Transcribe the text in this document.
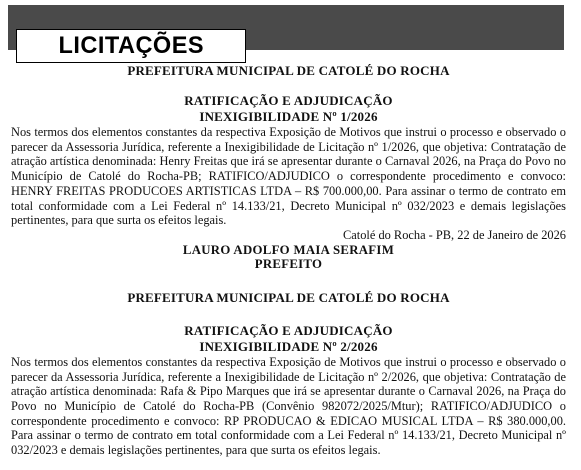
LICITAÇÕES

PREFEITURA MUNICIPAL DE CATOLÉ DO ROCHA

RATIFICAÇÃO E ADJUDICAÇÃO

INEXIGIBILIDADE Nº 1/2026

Nos termos dos elementos constantes da respectiva Exposição de Motivos que instrui o processo e observado o parecer da Assessoria Jurídica, referente a Inexigibilidade de Licitação nº 1/2026, que objetiva: Contratação de atração artística denominada: Henry Freitas que irá se apresentar durante o Carnaval 2026, na Praça do Povo no Município de Catolé do Rocha-PB; RATIFICO/ADJUDICO o correspondente procedimento e convoco: HENRY FREITAS PRODUCOES ARTISTICAS LTDA – R$ 700.000,00. Para assinar o termo de contrato em total conformidade com a Lei Federal nº 14.133/21, Decreto Municipal nº 032/2023 e demais legislações pertinentes, para que surta os efeitos legais.

Catolé do Rocha - PB, 22 de Janeiro de 2026

LAURO ADOLFO MAIA SERAFIM

PREFEITO

PREFEITURA MUNICIPAL DE CATOLÉ DO ROCHA

RATIFICAÇÃO E ADJUDICAÇÃO

INEXIGIBILIDADE Nº 2/2026

Nos termos dos elementos constantes da respectiva Exposição de Motivos que instrui o processo e observado o parecer da Assessoria Jurídica, referente a Inexigibilidade de Licitação nº 2/2026, que objetiva: Contratação de atração artística denominada: Rafa & Pipo Marques que irá se apresentar durante o Carnaval 2026, na Praça do Povo no Município de Catolé do Rocha-PB (Convênio 982072/2025/Mtur); RATIFICO/ADJUDICO o correspondente procedimento e convoco: RP PRODUCAO & EDICAO MUSICAL LTDA – R$ 380.000,00. Para assinar o termo de contrato em total conformidade com a Lei Federal nº 14.133/21, Decreto Municipal nº 032/2023 e demais legislações pertinentes, para que surta os efeitos legais.
